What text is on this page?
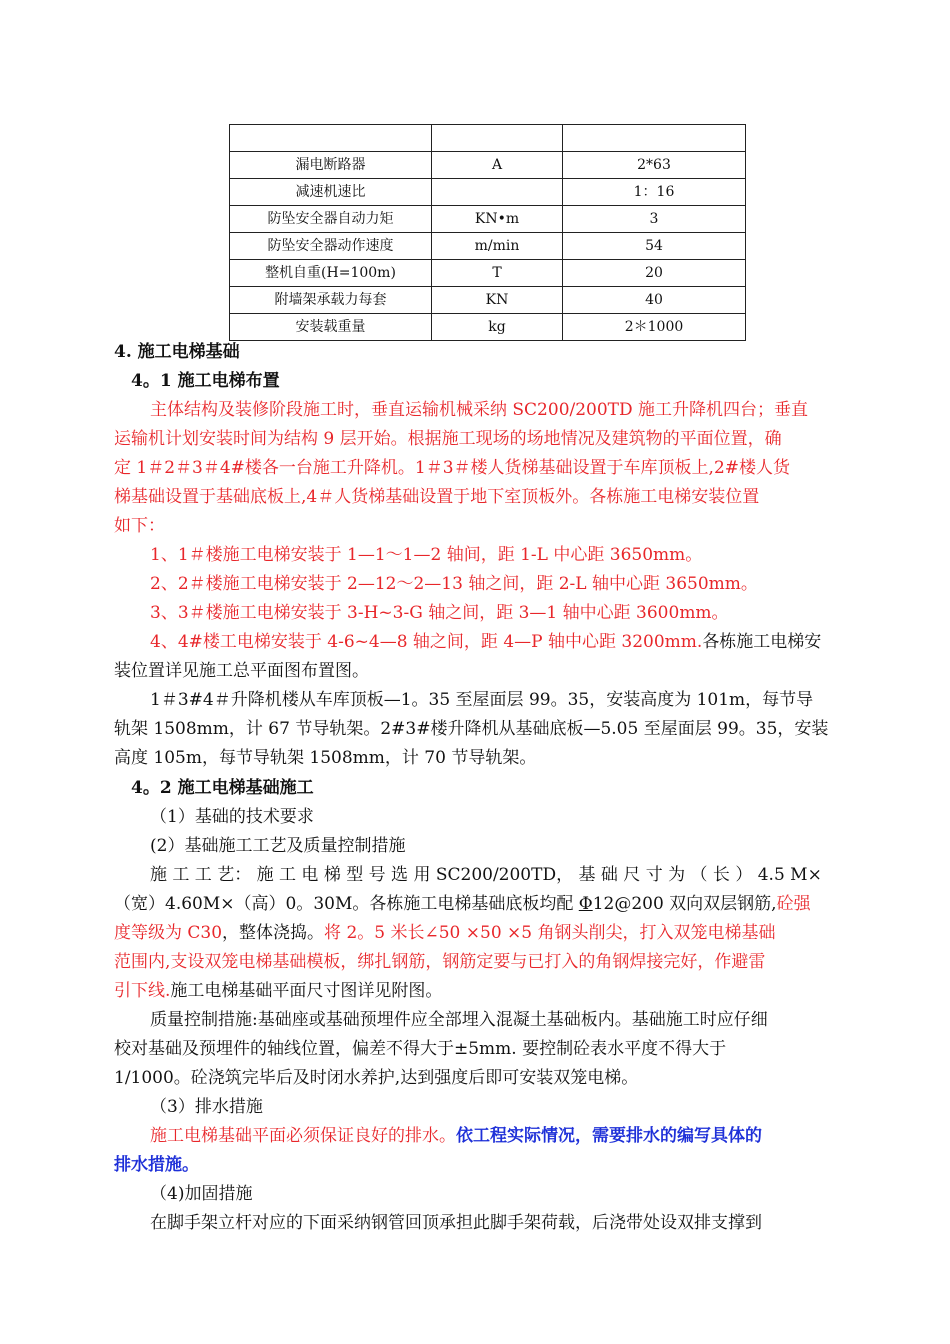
漏电断路器	A	2*63
减速机速比		1：16
防坠安全器自动力矩	KN•m	3
防坠安全器动作速度	m/min	54
整机自重(H=100m)	T	20
附墙架承载力每套	KN	40
安装载重量	kg	2＊1000
4. 施工电梯基础
4。1 施工电梯布置
主体结构及装修阶段施工时，垂直运输机械采纳 SC200/200TD 施工升降机四台；垂直
运输机计划安装时间为结构 9 层开始。根据施工现场的场地情况及建筑物的平面位置，确
定 1＃2＃3＃4#楼各一台施工升降机。1＃3＃楼人货梯基础设置于车库顶板上,2#楼人货
梯基础设置于基础底板上,4＃人货梯基础设置于地下室顶板外。各栋施工电梯安装位置
如下：
1、1＃楼施工电梯安装于 1—1～1—2 轴间，距 1-L 中心距 3650mm。
2、2＃楼施工电梯安装于 2—12～2—13 轴之间，距 2-L 轴中心距 3650mm。
3、3＃楼施工电梯安装于 3-H~3-G 轴之间，距 3—1 轴中心距 3600mm。
4、4#楼工电梯安装于 4-6~4—8 轴之间，距 4—P 轴中心距 3200mm.各栋施工电梯安
装位置详见施工总平面图布置图。
1＃3#4＃升降机楼从车库顶板—1。35 至屋面层 99。35，安装高度为 101m，每节导
轨架 1508mm，计 67 节导轨架。2#3#楼升降机从基础底板—5.05 至屋面层 99。35，安装
高度 105m，每节导轨架 1508mm，计 70 节导轨架。
4。2 施工电梯基础施工
（1）基础的技术要求
(2）基础施工工艺及质量控制措施
施 工 工 艺： 施 工 电 梯 型 号 选 用 SC200/200TD， 基 础 尺 寸 为 （ 长 ） 4.5 M×
（宽）4.60M×（高）0。30M。各栋施工电梯基础底板均配 Φ12@200 双向双层钢筋,砼强
度等级为 C30，整体浇捣。将 2。5 米长∠50 ×50 ×5 角钢头削尖，打入双笼电梯基础
范围内,支设双笼电梯基础模板，绑扎钢筋，钢筋定要与已打入的角钢焊接完好，作避雷
引下线.施工电梯基础平面尺寸图详见附图。
质量控制措施:基础座或基础预埋件应全部埋入混凝土基础板内。基础施工时应仔细
校对基础及预埋件的轴线位置，偏差不得大于±5mm. 要控制砼表水平度不得大于
1/1000。砼浇筑完毕后及时闭水养护,达到强度后即可安装双笼电梯。
（3）排水措施
施工电梯基础平面必须保证良好的排水。依工程实际情况，需要排水的编写具体的
排水措施。
（4)加固措施
在脚手架立杆对应的下面采纳钢管回顶承担此脚手架荷载，后浇带处设双排支撑到
